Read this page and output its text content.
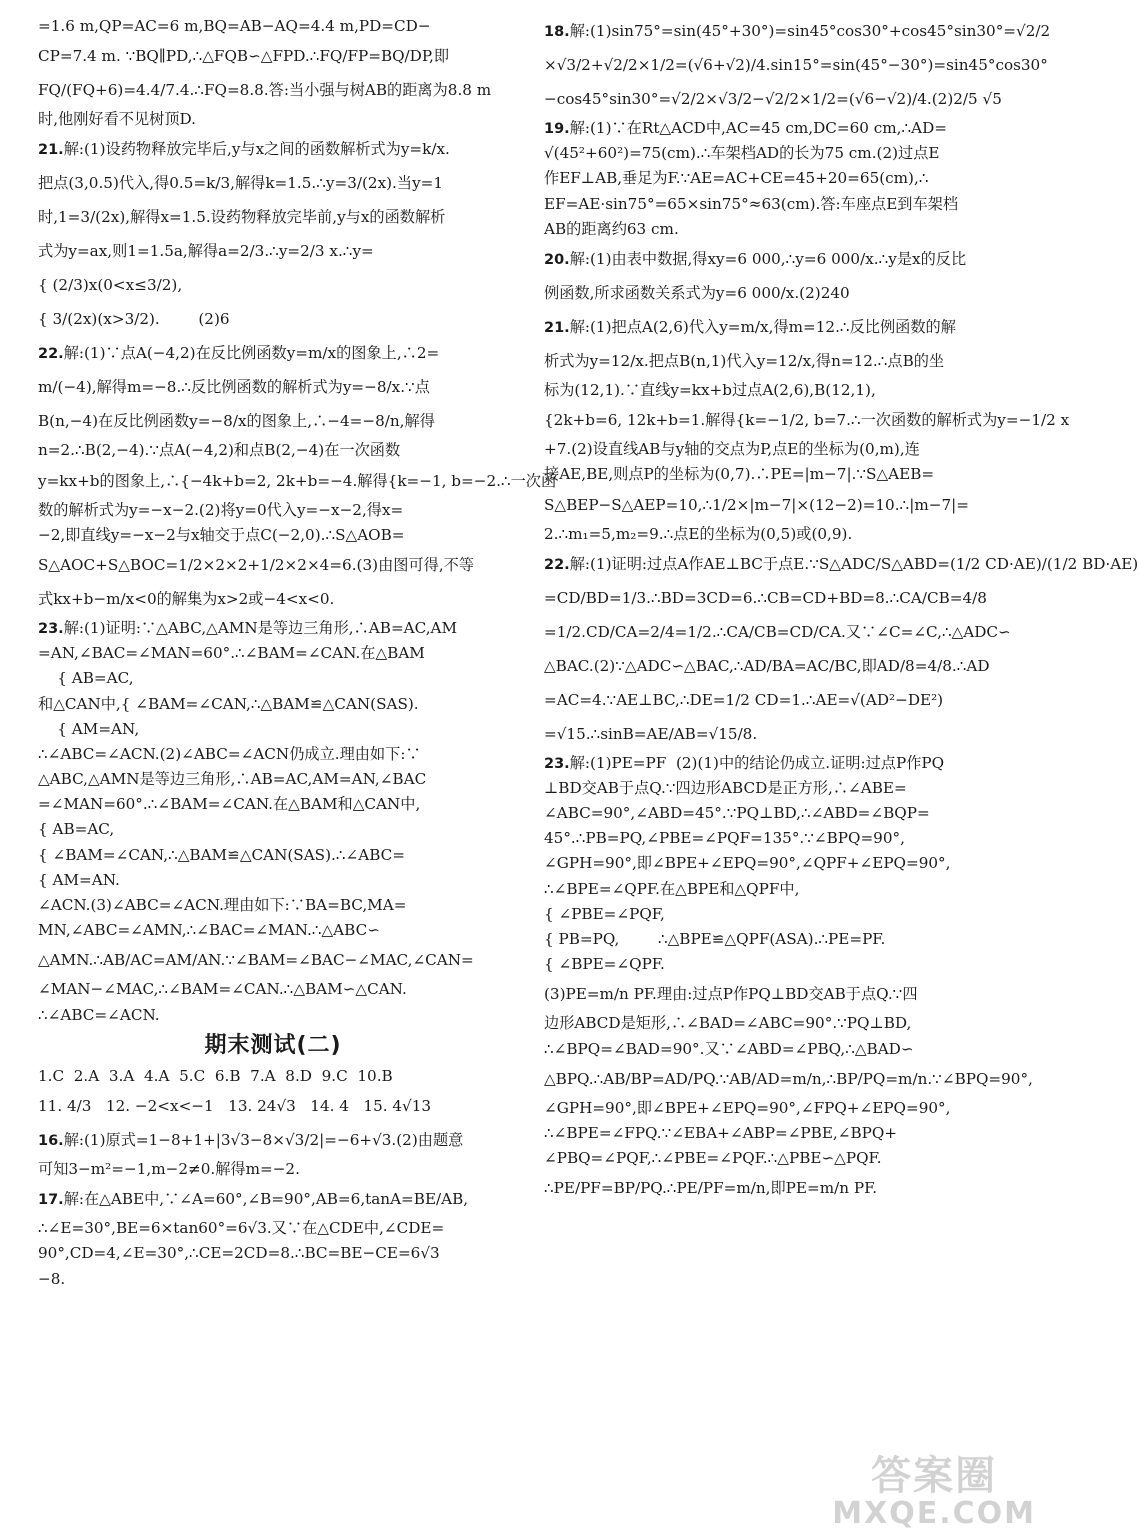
=1.6 m,QP=AC=6 m,BQ=AB−AQ=4.4 m,PD=CD−
CP=7.4 m. ∵BQ∥PD,∴△FQB∽△FPD.∴FQ/FP=BQ/DP,即
FQ/(FQ+6)=4.4/7.4.∴FQ=8.8.答:当小强与树AB的距离为8.8 m
时,他刚好看不见树顶D.
21.解:(1)设药物释放完毕后,y与x之间的函数解析式为y=k/x.
把点(3,0.5)代入,得0.5=k/3,解得k=1.5.∴y=3/(2x).当y=1
时,1=3/(2x),解得x=1.5.设药物释放完毕前,y与x的函数解析
式为y=ax,则1=1.5a,解得a=2/3.∴y=2/3 x.∴y=
{ (2/3)x(0<x≤3/2),
{ 3/(2x)(x>3/2).        (2)6
22.解:(1)∵点A(−4,2)在反比例函数y=m/x的图象上,∴2=
m/(−4),解得m=−8.∴反比例函数的解析式为y=−8/x.∵点
B(n,−4)在反比例函数y=−8/x的图象上,∴−4=−8/n,解得
n=2.∴B(2,−4).∵点A(−4,2)和点B(2,−4)在一次函数
y=kx+b的图象上,∴{−4k+b=2, 2k+b=−4.解得{k=−1, b=−2.∴一次函
数的解析式为y=−x−2.(2)将y=0代入y=−x−2,得x=
−2,即直线y=−x−2与x轴交于点C(−2,0).∴S△AOB=
S△AOC+S△BOC=1/2×2×2+1/2×2×4=6.(3)由图可得,不等
式kx+b−m/x<0的解集为x>2或−4<x<0.
23.解:(1)证明:∵△ABC,△AMN是等边三角形,∴AB=AC,AM
=AN,∠BAC=∠MAN=60°.∴∠BAM=∠CAN.在△BAM
{ AB=AC,
和△CAN中,{ ∠BAM=∠CAN,∴△BAM≌△CAN(SAS).
{ AM=AN,
∴∠ABC=∠ACN.(2)∠ABC=∠ACN仍成立.理由如下:∵
△ABC,△AMN是等边三角形,∴AB=AC,AM=AN,∠BAC
=∠MAN=60°.∴∠BAM=∠CAN.在△BAM和△CAN中,
{ AB=AC,
{ ∠BAM=∠CAN,∴△BAM≌△CAN(SAS).∴∠ABC=
{ AM=AN.
∠ACN.(3)∠ABC=∠ACN.理由如下:∵BA=BC,MA=
MN,∠ABC=∠AMN,∴∠BAC=∠MAN.∴△ABC∽
△AMN.∴AB/AC=AM/AN.∵∠BAM=∠BAC−∠MAC,∠CAN=
∠MAN−∠MAC,∴∠BAM=∠CAN.∴△BAM∽△CAN.
∴∠ABC=∠ACN.
期末测试(二)
1.C  2.A  3.A  4.A  5.C  6.B  7.A  8.D  9.C  10.B
11. 4/3   12. −2<x<−1   13. 24√3   14. 4   15. 4√13
16.解:(1)原式=1−8+1+|3√3−8×√3/2|=−6+√3.(2)由题意
可知3−m²=−1,m−2≠0.解得m=−2.
17.解:在△ABE中,∵∠A=60°,∠B=90°,AB=6,tanA=BE/AB,
∴∠E=30°,BE=6×tan60°=6√3.又∵在△CDE中,∠CDE=
90°,CD=4,∠E=30°,∴CE=2CD=8.∴BC=BE−CE=6√3
−8.
18.解:(1)sin75°=sin(45°+30°)=sin45°cos30°+cos45°sin30°=√2/2
×√3/2+√2/2×1/2=(√6+√2)/4.sin15°=sin(45°−30°)=sin45°cos30°
−cos45°sin30°=√2/2×√3/2−√2/2×1/2=(√6−√2)/4.(2)2/5 √5
19.解:(1)∵在Rt△ACD中,AC=45 cm,DC=60 cm,∴AD=
√(45²+60²)=75(cm).∴车架档AD的长为75 cm.(2)过点E
作EF⊥AB,垂足为F.∵AE=AC+CE=45+20=65(cm),∴
EF=AE·sin75°=65×sin75°≈63(cm).答:车座点E到车架档
AB的距离约63 cm.
20.解:(1)由表中数据,得xy=6 000,∴y=6 000/x.∴y是x的反比
例函数,所求函数关系式为y=6 000/x.(2)240
21.解:(1)把点A(2,6)代入y=m/x,得m=12.∴反比例函数的解
析式为y=12/x.把点B(n,1)代入y=12/x,得n=12.∴点B的坐
标为(12,1).∵直线y=kx+b过点A(2,6),B(12,1),
{2k+b=6, 12k+b=1.解得{k=−1/2, b=7.∴一次函数的解析式为y=−1/2 x
+7.(2)设直线AB与y轴的交点为P,点E的坐标为(0,m),连
接AE,BE,则点P的坐标为(0,7).∴PE=|m−7|.∵S△AEB=
S△BEP−S△AEP=10,∴1/2×|m−7|×(12−2)=10.∴|m−7|=
2.∴m₁=5,m₂=9.∴点E的坐标为(0,5)或(0,9).
22.解:(1)证明:过点A作AE⊥BC于点E.∵S△ADC/S△ABD=(1/2 CD·AE)/(1/2 BD·AE)
=CD/BD=1/3.∴BD=3CD=6.∴CB=CD+BD=8.∴CA/CB=4/8
=1/2.CD/CA=2/4=1/2.∴CA/CB=CD/CA.又∵∠C=∠C,∴△ADC∽
△BAC.(2)∵△ADC∽△BAC,∴AD/BA=AC/BC,即AD/8=4/8.∴AD
=AC=4.∵AE⊥BC,∴DE=1/2 CD=1.∴AE=√(AD²−DE²)
=√15.∴sinB=AE/AB=√15/8.
23.解:(1)PE=PF  (2)(1)中的结论仍成立.证明:过点P作PQ
⊥BD交AB于点Q.∵四边形ABCD是正方形,∴∠ABE=
∠ABC=90°,∠ABD=45°.∵PQ⊥BD,∴∠ABD=∠BQP=
45°.∴PB=PQ,∠PBE=∠PQF=135°.∵∠BPQ=90°,
∠GPH=90°,即∠BPE+∠EPQ=90°,∠QPF+∠EPQ=90°,
∴∠BPE=∠QPF.在△BPE和△QPF中,
{ ∠PBE=∠PQF,
{ PB=PQ,        ∴△BPE≌△QPF(ASA).∴PE=PF.
{ ∠BPE=∠QPF.
(3)PE=m/n PF.理由:过点P作PQ⊥BD交AB于点Q.∵四
边形ABCD是矩形,∴∠BAD=∠ABC=90°.∵PQ⊥BD,
∴∠BPQ=∠BAD=90°.又∵∠ABD=∠PBQ,∴△BAD∽
△BPQ.∴AB/BP=AD/PQ.∵AB/AD=m/n,∴BP/PQ=m/n.∵∠BPQ=90°,
∠GPH=90°,即∠BPE+∠EPQ=90°,∠FPQ+∠EPQ=90°,
∴∠BPE=∠FPQ.∵∠EBA+∠ABP=∠PBE,∠BPQ+
∠PBQ=∠PQF,∴∠PBE=∠PQF.∴△PBE∽△PQF.
∴PE/PF=BP/PQ.∴PE/PF=m/n,即PE=m/n PF.
答案圈
MXQE.COM
